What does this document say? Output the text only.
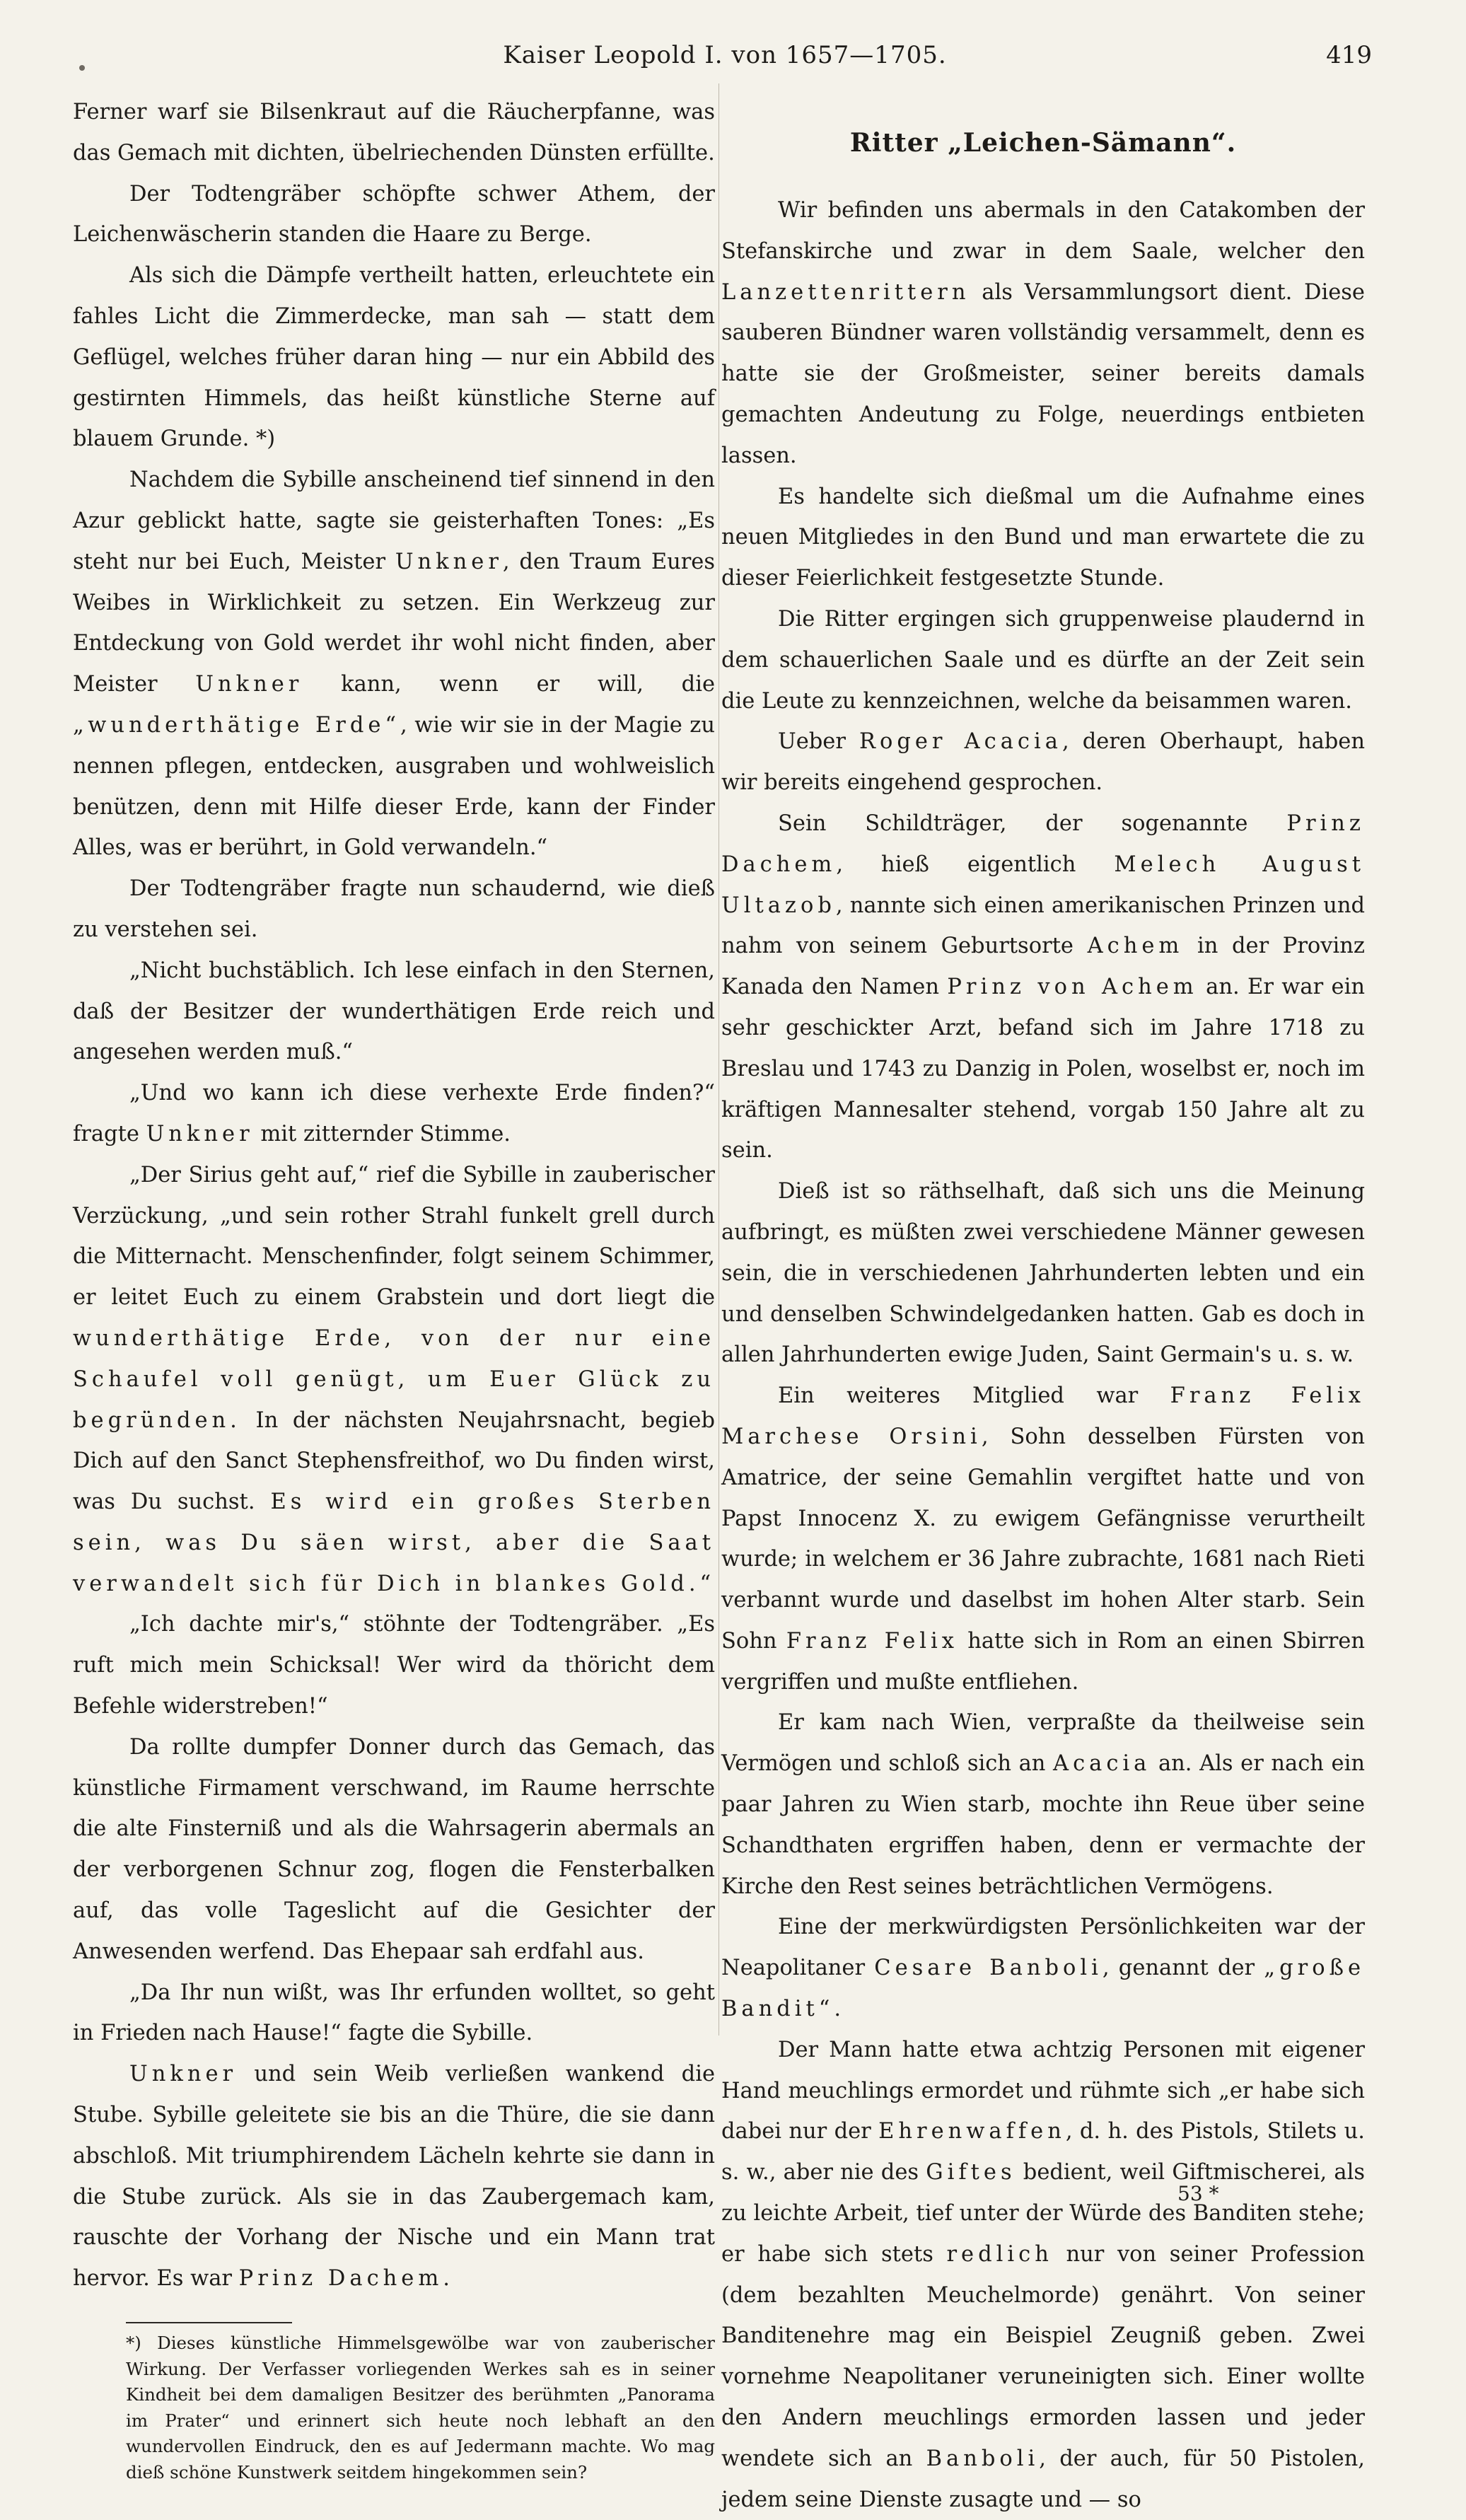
Kaiser Leopold I. von 1657—1705.	419

Ferner warf sie Bilsenkraut auf die Räucherpfanne, was das Gemach mit dichten, übelriechenden Dünsten erfüllte.

Der Todtengräber schöpfte schwer Athem, der Leichenwäscherin standen die Haare zu Berge.

Als sich die Dämpfe vertheilt hatten, erleuchtete ein fahles Licht die Zimmerdecke, man sah — statt dem Geflügel, welches früher daran hing — nur ein Abbild des gestirnten Himmels, das heißt künstliche Sterne auf blauem Grunde. *)

Nachdem die Sybille anscheinend tief sinnend in den Azur geblickt hatte, sagte sie geisterhaften Tones: „Es steht nur bei Euch, Meister Unkner, den Traum Eures Weibes in Wirklichkeit zu setzen. Ein Werkzeug zur Entdeckung von Gold werdet ihr wohl nicht finden, aber Meister Unkner kann, wenn er will, die „wunderthätige Erde“, wie wir sie in der Magie zu nennen pflegen, entdecken, ausgraben und wohlweislich benützen, denn mit Hilfe dieser Erde, kann der Finder Alles, was er berührt, in Gold verwandeln.“

Der Todtengräber fragte nun schaudernd, wie dieß zu verstehen sei.

„Nicht buchstäblich. Ich lese einfach in den Sternen, daß der Besitzer der wunderthätigen Erde reich und angesehen werden muß.“

„Und wo kann ich diese verhexte Erde finden?“ fragte Unkner mit zitternder Stimme.

„Der Sirius geht auf,“ rief die Sybille in zauberischer Verzückung, „und sein rother Strahl funkelt grell durch die Mitternacht. Menschenfinder, folgt seinem Schimmer, er leitet Euch zu einem Grabstein und dort liegt die wunderthätige Erde, von der nur eine Schaufel voll genügt, um Euer Glück zu begründen. In der nächsten Neujahrsnacht, begieb Dich auf den Sanct Stephensfreithof, wo Du finden wirst, was Du suchst. Es wird ein großes Sterben sein, was Du säen wirst, aber die Saat verwandelt sich für Dich in blankes Gold.“

„Ich dachte mir's,“ stöhnte der Todtengräber. „Es ruft mich mein Schicksal! Wer wird da thöricht dem Befehle widerstreben!“

Da rollte dumpfer Donner durch das Gemach, das künstliche Firmament verschwand, im Raume herrschte die alte Finsterniß und als die Wahrsagerin abermals an der verborgenen Schnur zog, flogen die Fensterbalken auf, das volle Tageslicht auf die Gesichter der Anwesenden werfend. Das Ehepaar sah erdfahl aus.

„Da Ihr nun wißt, was Ihr erfunden wolltet, so geht in Frieden nach Hause!“ fagte die Sybille.

Unkner und sein Weib verließen wankend die Stube. Sybille geleitete sie bis an die Thüre, die sie dann abschloß. Mit triumphirendem Lächeln kehrte sie dann in die Stube zurück. Als sie in das Zaubergemach kam, rauschte der Vorhang der Nische und ein Mann trat hervor. Es war Prinz Dachem.

*) Dieses künstliche Himmelsgewölbe war von zauberischer Wirkung. Der Verfasser vorliegenden Werkes sah es in seiner Kindheit bei dem damaligen Besitzer des berühmten „Panorama im Prater“ und erinnert sich heute noch lebhaft an den wundervollen Eindruck, den es auf Jedermann machte. Wo mag dieß schöne Kunstwerk seitdem hingekommen sein?
Ritter „Leichen-Sämann“.

Wir befinden uns abermals in den Catakomben der Stefanskirche und zwar in dem Saale, welcher den Lanzettenrittern als Versammlungsort dient. Diese sauberen Bündner waren vollständig versammelt, denn es hatte sie der Großmeister, seiner bereits damals gemachten Andeutung zu Folge, neuerdings entbieten lassen.

Es handelte sich dießmal um die Aufnahme eines neuen Mitgliedes in den Bund und man erwartete die zu dieser Feierlichkeit festgesetzte Stunde.

Die Ritter ergingen sich gruppenweise plaudernd in dem schauerlichen Saale und es dürfte an der Zeit sein die Leute zu kennzeichnen, welche da beisammen waren.

Ueber Roger Acacia, deren Oberhaupt, haben wir bereits eingehend gesprochen.

Sein Schildträger, der sogenannte Prinz Dachem, hieß eigentlich Melech August Ultazob, nannte sich einen amerikanischen Prinzen und nahm von seinem Geburtsorte Achem in der Provinz Kanada den Namen Prinz von Achem an. Er war ein sehr geschickter Arzt, befand sich im Jahre 1718 zu Breslau und 1743 zu Danzig in Polen, woselbst er, noch im kräftigen Mannesalter stehend, vorgab 150 Jahre alt zu sein.

Dieß ist so räthselhaft, daß sich uns die Meinung aufbringt, es müßten zwei verschiedene Männer gewesen sein, die in verschiedenen Jahrhunderten lebten und ein und denselben Schwindelgedanken hatten. Gab es doch in allen Jahrhunderten ewige Juden, Saint Germain's u. s. w.

Ein weiteres Mitglied war Franz Felix Marchese Orsini, Sohn desselben Fürsten von Amatrice, der seine Gemahlin vergiftet hatte und von Papst Innocenz X. zu ewigem Gefängnisse verurtheilt wurde; in welchem er 36 Jahre zubrachte, 1681 nach Rieti verbannt wurde und daselbst im hohen Alter starb. Sein Sohn Franz Felix hatte sich in Rom an einen Sbirren vergriffen und mußte entfliehen.

Er kam nach Wien, verpraßte da theilweise sein Vermögen und schloß sich an Acacia an. Als er nach ein paar Jahren zu Wien starb, mochte ihn Reue über seine Schandthaten ergriffen haben, denn er vermachte der Kirche den Rest seines beträchtlichen Vermögens.

Eine der merkwürdigsten Persönlichkeiten war der Neapolitaner Cesare Banboli, genannt der „große Bandit“.

Der Mann hatte etwa achtzig Personen mit eigener Hand meuchlings ermordet und rühmte sich „er habe sich dabei nur der Ehrenwaffen, d. h. des Pistols, Stilets u. s. w., aber nie des Giftes bedient, weil Giftmischerei, als zu leichte Arbeit, tief unter der Würde des Banditen stehe; er habe sich stets redlich nur von seiner Profession (dem bezahlten Meuchelmorde) genährt. Von seiner Banditenehre mag ein Beispiel Zeugniß geben. Zwei vornehme Neapolitaner veruneinigten sich. Einer wollte den Andern meuchlings ermorden lassen und jeder wendete sich an Banboli, der auch, für 50 Pistolen, jedem seine Dienste zusagte und — so

53 *
